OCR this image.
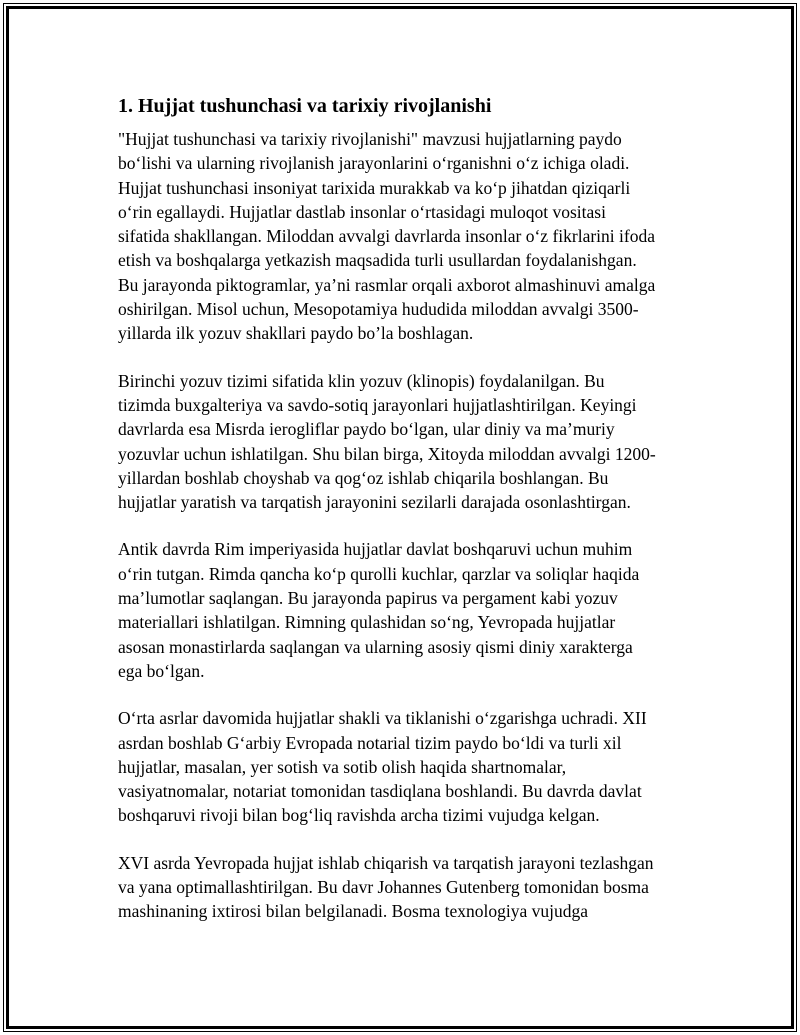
1. Hujjat tushunchasi va tarixiy rivojlanishi

"Hujjat tushunchasi va tarixiy rivojlanishi" mavzusi hujjatlarning paydo
bo‘lishi va ularning rivojlanish jarayonlarini o‘rganishni o‘z ichiga oladi.
Hujjat tushunchasi insoniyat tarixida murakkab va ko‘p jihatdan qiziqarli
o‘rin egallaydi. Hujjatlar dastlab insonlar o‘rtasidagi muloqot vositasi
sifatida shakllangan. Miloddan avvalgi davrlarda insonlar o‘z fikrlarini ifoda
etish va boshqalarga yetkazish maqsadida turli usullardan foydalanishgan.
Bu jarayonda piktogramlar, ya’ni rasmlar orqali axborot almashinuvi amalga
oshirilgan. Misol uchun, Mesopotamiya hududida miloddan avvalgi 3500-
yillarda ilk yozuv shakllari paydo bo’la boshlagan.

Birinchi yozuv tizimi sifatida klin yozuv (klinopis) foydalanilgan. Bu
tizimda buxgalteriya va savdo-sotiq jarayonlari hujjatlashtirilgan. Keyingi
davrlarda esa Misrda ierogliflar paydo bo‘lgan, ular diniy va ma’muriy
yozuvlar uchun ishlatilgan. Shu bilan birga, Xitoyda miloddan avvalgi 1200-
yillardan boshlab choyshab va qog‘oz ishlab chiqarila boshlangan. Bu
hujjatlar yaratish va tarqatish jarayonini sezilarli darajada osonlashtirgan.

Antik davrda Rim imperiyasida hujjatlar davlat boshqaruvi uchun muhim
o‘rin tutgan. Rimda qancha ko‘p qurolli kuchlar, qarzlar va soliqlar haqida
ma’lumotlar saqlangan. Bu jarayonda papirus va pergament kabi yozuv
materiallari ishlatilgan. Rimning qulashidan so‘ng, Yevropada hujjatlar
asosan monastirlarda saqlangan va ularning asosiy qismi diniy xarakterga
ega bo‘lgan.

O‘rta asrlar davomida hujjatlar shakli va tiklanishi o‘zgarishga uchradi. XII
asrdan boshlab G‘arbiy Evropada notarial tizim paydo bo‘ldi va turli xil
hujjatlar, masalan, yer sotish va sotib olish haqida shartnomalar,
vasiyatnomalar, notariat tomonidan tasdiqlana boshlandi. Bu davrda davlat
boshqaruvi rivoji bilan bog‘liq ravishda archa tizimi vujudga kelgan.

XVI asrda Yevropada hujjat ishlab chiqarish va tarqatish jarayoni tezlashgan
va yana optimallashtirilgan. Bu davr Johannes Gutenberg tomonidan bosma
mashinaning ixtirosi bilan belgilanadi. Bosma texnologiya vujudga
